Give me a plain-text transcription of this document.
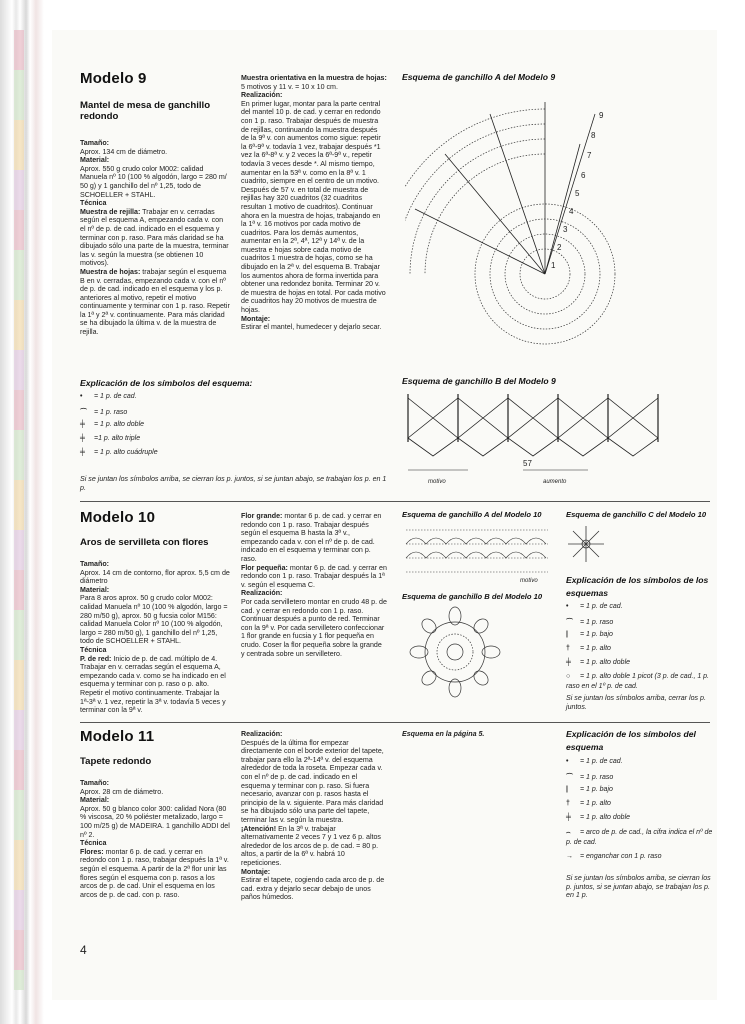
Modelo 9
Mantel de mesa de ganchillo redondo
Tamaño:
Aprox. 134 cm de diámetro.
Material:
Aprox. 550 g crudo color M002: calidad Manuela nº 10 (100 % algodón, largo = 280 m/ 50 g) y 1 ganchillo del nº 1,25, todo de SCHOELLER + STAHL.
Técnica
Muestra de rejilla: Trabajar en v. cerradas según el esquema A, empezando cada v. con el nº de p. de cad. indicado en el esquema y terminar con p. raso. Para más claridad se ha dibujado sólo una parte de la muestra, terminar las v. según la muestra (se obtienen 10 motivos).
Muestra de hojas: trabajar según el esquema B en v. cerradas, empezando cada v. con el nº de p. de cad. indicado en el esquema y los p. anteriores al motivo, repetir el motivo continuamente y terminar con 1 p. raso. Repetir la 1ª y 2ª v. continuamente. Para más claridad se ha dibujado la última v. de la muestra de rejilla.
Muestra orientativa en la muestra de hojas: 5 motivos y 11 v. = 10 x 10 cm.
Realización:
En primer lugar, montar para la parte central del mantel 10 p. de cad. y cerrar en redondo con 1 p. raso. Trabajar después de muestra de rejillas, continuando la muestra después de la 9ª v. con aumentos como sigue: repetir la 6ª-9ª v. todavía 1 vez, trabajar después *1 vez la 6ª-8ª v. y 2 veces la 6ª-9ª v., repetir todavía 3 veces desde *. Al mismo tiempo, aumentar en la 53ª v. como en la 8ª v. 1 cuadrito, siempre en el centro de un motivo. Después de 57 v. en total de muestra de rejillas hay 320 cuadritos (32 cuadritos resultan 1 motivo de cuadritos). Continuar ahora en la muestra de hojas, trabajando en la 1ª v. 16 motivos por cada motivo de cuadritos. Para los demás aumentos, aumentar en la 2ª, 4ª, 12ª y 14ª v. de la muestra e hojas sobre cada motivo de cuadritos 1 muestra de hojas, como se ha dibujado en la 2ª v. del esquema B. Trabajar los aumentos ahora de forma invertida para obtener una redondez bonita. Terminar 20 v. de muestra de hojas en total. Por cada motivo de cuadritos hay 20 motivos de muestra de hojas.
Montaje:
Estirar el mantel, humedecer y dejarlo secar.
Esquema de ganchillo A del Modelo 9
9
8
7
6
5
4
3
2
1
Esquema de ganchillo B del Modelo 9
57
motivo	aumento
Explicación de los símbolos del esquema:
• = 1 p. de cad.
⌒ = 1 p. raso
╪ = 1 p. alto doble
╪ =1 p. alto triple
╪ = 1 p. alto cuádruple
Si se juntan los símbolos arriba, se cierran los p. juntos, si se juntan abajo, se trabajan los p. en 1 p.
Modelo 10
Aros de servilleta con flores
Tamaño:
Aprox. 14 cm de contorno, flor aprox. 5,5 cm de diámetro
Material:
Para 8 aros aprox. 50 g crudo color M002: calidad Manuela nº 10 (100 % algodón, largo = 280 m/50 g), aprox. 50 g fucsia color M156: calidad Manuela Color nº 10 (100 % algodón, largo = 280 m/50 g), 1 ganchillo del nº 1,25, todo de SCHOELLER + STAHL.
Técnica
P. de red: Inicio de p. de cad. múltiplo de 4. Trabajar en v. cerradas según el esquema A, empezando cada v. como se ha indicado en el esquema y terminar con p. raso o p. alto. Repetir el motivo continuamente. Trabajar la 1ª-3ª v. 1 vez, repetir la 3ª v. todavía 5 veces y terminar con la 9ª v.
Flor grande: montar 6 p. de cad. y cerrar en redondo con 1 p. raso. Trabajar después según el esquema B hasta la 3ª v., empezando cada v. con el nº de p. de cad. indicado en el esquema y terminar con p. raso.
Flor pequeña: montar 6 p. de cad. y cerrar en redondo con 1 p. raso. Trabajar después la 1ª v. según el esquema C.
Realización:
Por cada servilletero montar en crudo 48 p. de cad. y cerrar en redondo con 1 p. raso. Continuar después a punto de red. Terminar con la 9ª v. Por cada servilletero confeccionar 1 flor grande en fucsia y 1 flor pequeña en crudo. Coser la flor pequeña sobre la grande y centrada sobre un servilletero.
Esquema de ganchillo A del Modelo 10
motivo
Esquema de ganchillo B del Modelo 10
Esquema de ganchillo C del Modelo 10
Explicación de los símbolos de los esquemas
• = 1 p. de cad.
⌒ = 1 p. raso
| = 1 p. bajo
† = 1 p. alto
╪ = 1 p. alto doble
○ = 1 p. alto doble 1 picot (3 p. de cad., 1 p. raso en el 1º p. de cad.
Si se juntan los símbolos arriba, cerrar los p. juntos.
Modelo 11
Tapete redondo
Tamaño:
Aprox. 28 cm de diámetro.
Material:
Aprox. 50 g blanco color 300: calidad Nora (80 % viscosa, 20 % poliéster metalizado, largo = 100 m/25 g) de MADEIRA. 1 ganchillo ADDI del nº 2.
Técnica
Flores: montar 6 p. de cad. y cerrar en redondo con 1 p. raso, trabajar después la 1ª v. según el esquema. A partir de la 2ª flor unir las flores según el esquema con p. rasos a los arcos de p. de cad. Unir el esquema en los arcos de p. de cad. con p. raso.
Realización:
Después de la última flor empezar directamente con el borde exterior del tapete, trabajar para ello la 2ª-14ª v. del esquema alrededor de toda la roseta. Empezar cada v. con el nº de p. de cad. indicado en el esquema y terminar con p. raso. Si fuera necesario, avanzar con p. rasos hasta el principio de la v. siguiente. Para más claridad se ha dibujado sólo una parte del tapete, terminar las v. según la muestra.
¡Atención! En la 3ª v. trabajar alternativamente 2 veces 7 y 1 vez 6 p. altos alrededor de los arcos de p. de cad. = 80 p. altos, a partir de la 6ª v. habrá 10 repeticiones.
Montaje:
Estirar el tapete, cogiendo cada arco de p. de cad. extra y dejarlo secar debajo de unos paños húmedos.
Esquema en la página 5.	Explicación de los símbolos del esquema
• = 1 p. de cad.
⌒ = 1 p. raso
| = 1 p. bajo
† = 1 p. alto
╪ = 1 p. alto doble
⌢ = arco de p. de cad., la cifra indica el nº de p. de cad.
→ = enganchar con 1 p. raso
Si se juntan los símbolos arriba, se cierran los p. juntos, si se juntan abajo, se trabajan los p. en 1 p.
4
